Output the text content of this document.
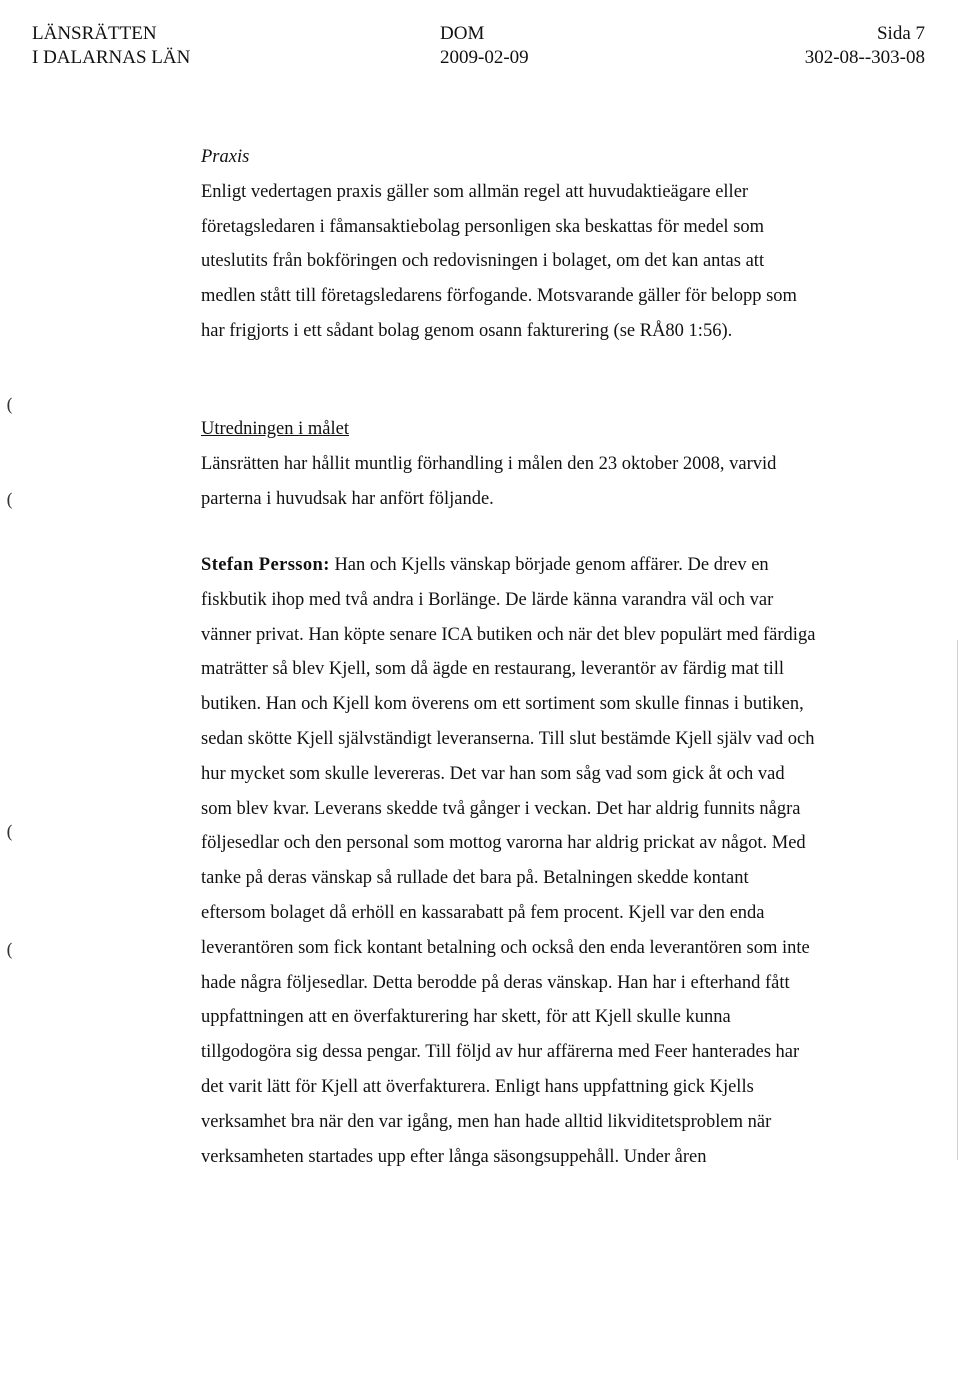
LÄNSRÄTTEN
I DALARNAS LÄN
DOM
2009-02-09
Sida 7
302-08--303-08
Praxis

Enligt vedertagen praxis gäller som allmän regel att huvudaktieägare eller företagsledaren i fåmansaktiebolag personligen ska beskattas för medel som uteslutits från bokföringen och redovisningen i bolaget, om det kan antas att medlen stått till företagsledarens förfogande. Motsvarande gäller för belopp som har frigjorts i ett sådant bolag genom osann fakturering (se RÅ80 1:56).

Utredningen i målet

Länsrätten har hållit muntlig förhandling i målen den 23 oktober 2008, varvid parterna i huvudsak har anfört följande.

Stefan Persson: Han och Kjells vänskap började genom affärer. De drev en fiskbutik ihop med två andra i Borlänge. De lärde känna varandra väl och var vänner privat. Han köpte senare ICA butiken och när det blev populärt med färdiga maträtter så blev Kjell, som då ägde en restaurang, leverantör av färdig mat till butiken. Han och Kjell kom överens om ett sortiment som skulle finnas i butiken, sedan skötte Kjell självständigt leveranserna. Till slut bestämde Kjell själv vad och hur mycket som skulle levereras. Det var han som såg vad som gick åt och vad som blev kvar. Leverans skedde två gånger i veckan. Det har aldrig funnits några följesedlar och den personal som mottog varorna har aldrig prickat av något. Med tanke på deras vänskap så rullade det bara på. Betalningen skedde kontant eftersom bolaget då erhöll en kassarabatt på fem procent. Kjell var den enda leverantören som fick kontant betalning och också den enda leverantören som inte hade några följesedlar. Detta berodde på deras vänskap. Han har i efterhand fått uppfattningen att en överfakturering har skett, för att Kjell skulle kunna tillgodogöra sig dessa pengar. Till följd av hur affärerna med Feer hanterades har det varit lätt för Kjell att överfakturera. Enligt hans uppfattning gick Kjells verksamhet bra när den var igång, men han hade alltid likviditetsproblem när verksamheten startades upp efter långa säsongsuppehåll. Under åren

(
(
(
(
